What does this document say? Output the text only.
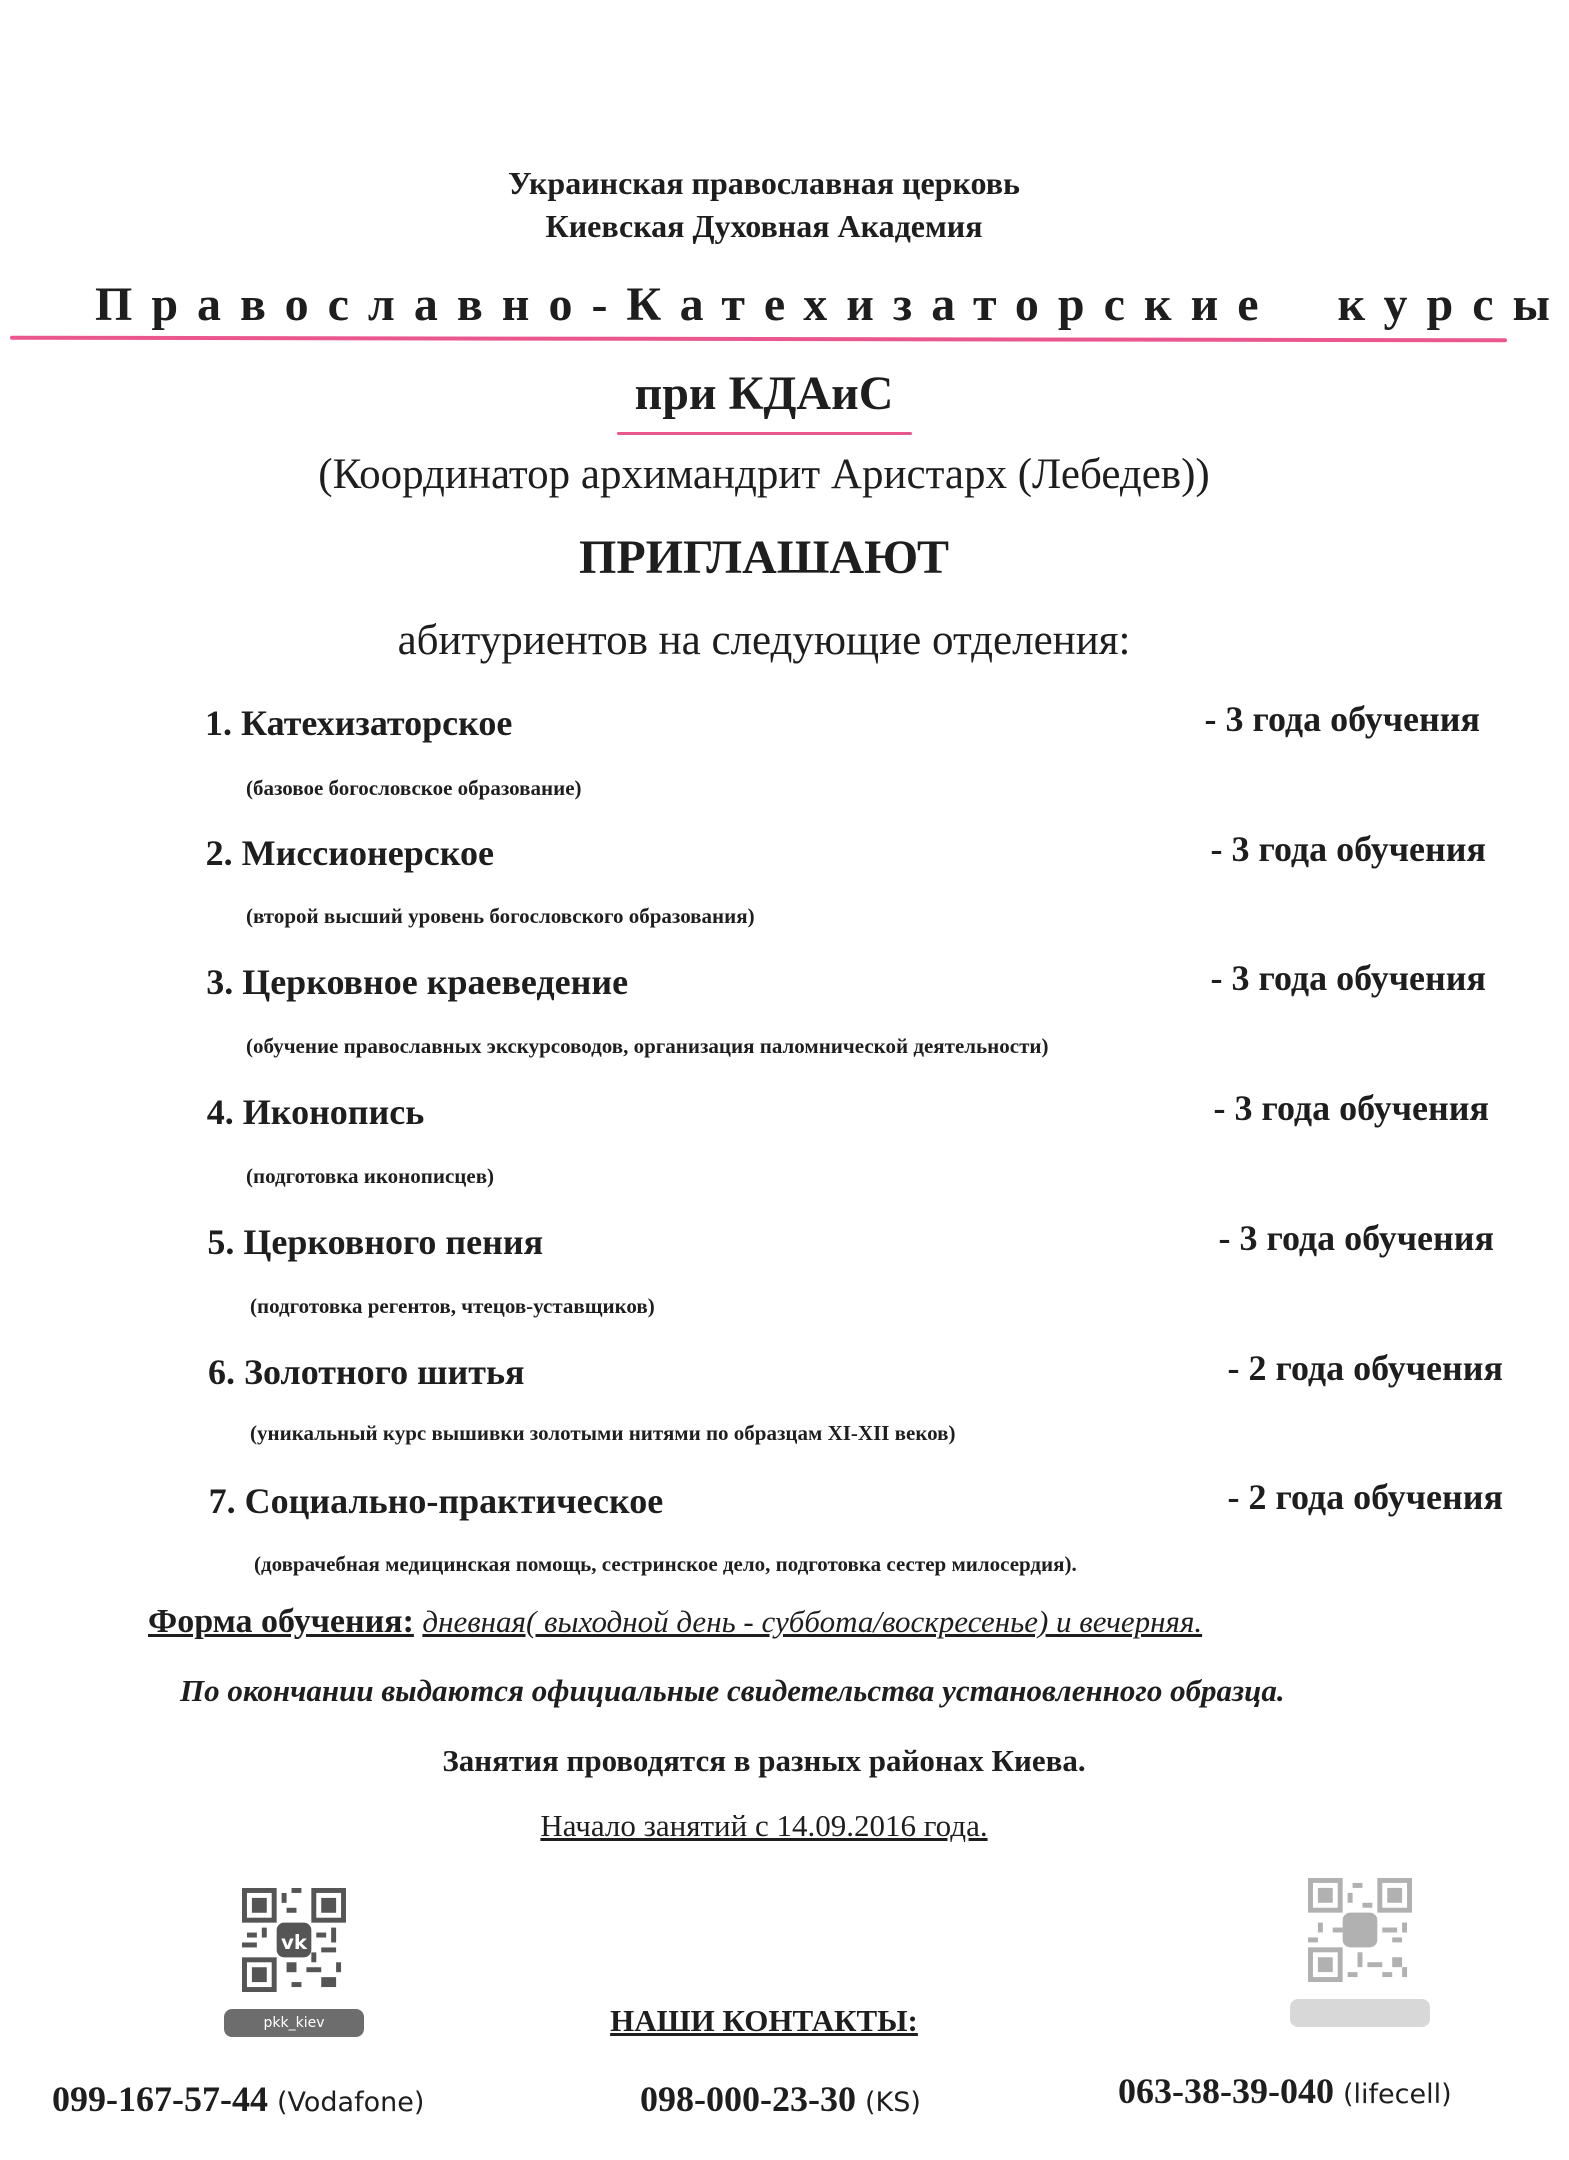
Украинская православная церковь
Киевская Духовная Академия
Православно-Катехизаторские курсы
при КДАиС
(Координатор архимандрит Аристарх (Лебедев))
ПРИГЛАШАЮТ
абитуриентов на следующие отделения:
1. Катехизаторское	- 3 года обучения
(базовое богословское образование)
2. Миссионерское	- 3 года обучения
(второй высший уровень богословского образования)
3. Церковное краеведение	- 3 года обучения
(обучение православных экскурсоводов, организация паломнической деятельности)
4. Иконопись	- 3 года обучения
(подготовка иконописцев)
5. Церковного пения	- 3 года обучения
(подготовка регентов, чтецов-уставщиков)
6. Золотного шитья	- 2 года обучения
(уникальный курс вышивки золотыми нитями по образцам XI-XII веков)
7. Социально-практическое	- 2 года обучения
(доврачебная медицинская помощь, сестринское дело, подготовка сестер милосердия).
Форма обучения: дневная( выходной день - суббота/воскресенье) и вечерняя.
По окончании выдаются официальные свидетельства установленного образца.
Занятия проводятся в разных районах Киева.
Начало занятий с 14.09.2016 года.
vk
pkk_kiev	НАШИ КОНТАКТЫ:
099-167-57-44 (Vodafone)	098-000-23-30 (KS)	063-38-39-040 (lifecell)
